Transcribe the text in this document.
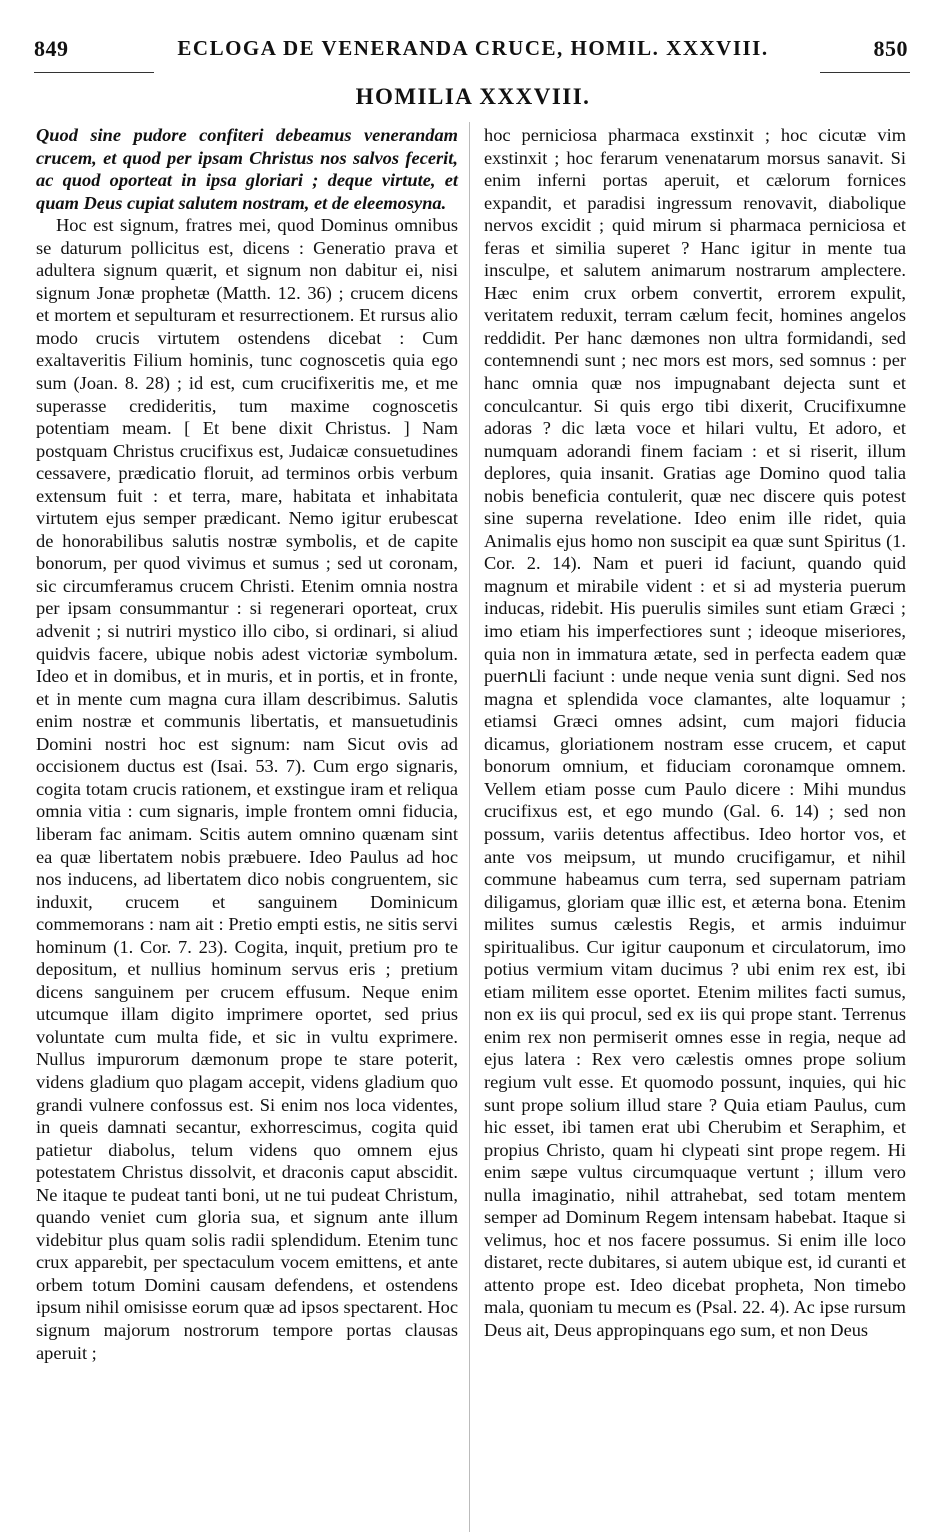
849	ECLOGA DE VENERANDA CRUCE, HOMIL. XXXVIII.	850
HOMILIA XXXVIII.

Quod sine pudore confiteri debeamus venerandam crucem, et quod per ipsam Christus nos salvos fecerit, ac quod oporteat in ipsa gloriari ; deque virtute, et quam Deus cupiat salutem nostram, et de eleemosyna.

Hoc est signum, fratres mei, quod Dominus omnibus se daturum pollicitus est, dicens : Generatio prava et adultera signum quærit, et signum non dabitur ei, nisi signum Jonæ prophetæ (Matth. 12. 36) ; crucem dicens et mortem et sepulturam et resurrectionem. Et rursus alio modo crucis virtutem ostendens dicebat : Cum exaltaveritis Filium hominis, tunc cognoscetis quia ego sum (Joan. 8. 28) ; id est, cum crucifixeritis me, et me superasse credideritis, tum maxime cognoscetis potentiam meam. [ Et bene dixit Christus. ] Nam postquam Christus crucifixus est, Judaicæ consuetudines cessavere, prædicatio floruit, ad terminos orbis verbum extensum fuit : et terra, mare, habitata et inhabitata virtutem ejus semper prædicant. Nemo igitur erubescat de honorabilibus salutis nostræ symbolis, et de capite bonorum, per quod vivimus et sumus ; sed ut coronam, sic circumferamus crucem Christi. Etenim omnia nostra per ipsam consummantur : si regenerari oporteat, crux advenit ; si nutriri mystico illo cibo, si ordinari, si aliud quidvis facere, ubique nobis adest victoriæ symbolum. Ideo et in domibus, et in muris, et in portis, et in fronte, et in mente cum magna cura illam describimus. Salutis enim nostræ et communis libertatis, et mansuetudinis Domini nostri hoc est signum: nam Sicut ovis ad occisionem ductus est (Isai. 53. 7). Cum ergo signaris, cogita totam crucis rationem, et exstingue iram et reliqua omnia vitia : cum signaris, imple frontem omni fiducia, liberam fac animam. Scitis autem omnino quænam sint ea quæ libertatem nobis præbuere. Ideo Paulus ad hoc nos inducens, ad libertatem dico nobis congruentem, sic induxit, crucem et sanguinem Dominicum commemorans : nam ait : Pretio empti estis, ne sitis servi hominum (1. Cor. 7. 23). Cogita, inquit, pretium pro te depositum, et nullius hominum servus eris ; pretium dicens sanguinem per crucem effusum. Neque enim utcumque illam digito imprimere oportet, sed prius voluntate cum multa fide, et sic in vultu exprimere. Nullus impurorum dæmonum prope te stare poterit, videns gladium quo plagam accepit, videns gladium quo grandi vulnere confossus est. Si enim nos loca videntes, in queis damnati secantur, exhorrescimus, cogita quid patietur diabolus, telum videns quo omnem ejus potestatem Christus dissolvit, et draconis caput abscidit. Ne itaque te pudeat tanti boni, ut ne tui pudeat Christum, quando veniet cum gloria sua, et signum ante illum videbitur plus quam solis radii splendidum. Etenim tunc crux apparebit, per spectaculum vocem emittens, et ante orbem totum Domini causam defendens, et ostendens ipsum nihil omisisse eorum quæ ad ipsos spectarent. Hoc signum majorum nostrorum tempore portas clausas aperuit ;

hoc perniciosa pharmaca exstinxit ; hoc cicutæ vim exstinxit ; hoc ferarum venenatarum morsus sanavit. Si enim inferni portas aperuit, et cælorum fornices expandit, et paradisi ingressum renovavit, diabolique nervos excidit ; quid mirum si pharmaca perniciosa et feras et similia superet ? Hanc igitur in mente tua insculpe, et salutem animarum nostrarum amplectere. Hæc enim crux orbem convertit, errorem expulit, veritatem reduxit, terram cælum fecit, homines angelos reddidit. Per hanc dæmones non ultra formidandi, sed contemnendi sunt ; nec mors est mors, sed somnus : per hanc omnia quæ nos impugnabant dejecta sunt et conculcantur. Si quis ergo tibi dixerit, Crucifixumne adoras ? dic læta voce et hilari vultu, Et adoro, et numquam adorandi finem faciam : et si riserit, illum deplores, quia insanit. Gratias age Domino quod talia nobis beneficia contulerit, quæ nec discere quis potest sine superna revelatione. Ideo enim ille ridet, quia Animalis ejus homo non suscipit ea quæ sunt Spiritus (1. Cor. 2. 14). Nam et pueri id faciunt, quando quid magnum et mirabile vident : et si ad mysteria puerum inducas, ridebit. His puerulis similes sunt etiam Græci ; imo etiam his imperfectiores sunt ; ideoque miseriores, quia non in immatura ætate, sed in perfecta eadem quæ puerուli faciunt : unde neque venia sunt digni. Sed nos magna et splendida voce clamantes, alte loquamur ; etiamsi Græci omnes adsint, cum majori fiducia dicamus, gloriationem nostram esse crucem, et caput bonorum omnium, et fiduciam coronamque omnem. Vellem etiam posse cum Paulo dicere : Mihi mundus crucifixus est, et ego mundo (Gal. 6. 14) ; sed non possum, variis detentus affectibus. Ideo hortor vos, et ante vos meipsum, ut mundo crucifigamur, et nihil commune habeamus cum terra, sed supernam patriam diligamus, gloriam quæ illic est, et æterna bona. Etenim milites sumus cælestis Regis, et armis induimur spiritualibus. Cur igitur cauponum et circulatorum, imo potius vermium vitam ducimus ? ubi enim rex est, ibi etiam militem esse oportet. Etenim milites facti sumus, non ex iis qui procul, sed ex iis qui prope stant. Terrenus enim rex non permiserit omnes esse in regia, neque ad ejus latera : Rex vero cælestis omnes prope solium regium vult esse. Et quomodo possunt, inquies, qui hic sunt prope solium illud stare ? Quia etiam Paulus, cum hic esset, ibi tamen erat ubi Cherubim et Seraphim, et propius Christo, quam hi clypeati sint prope regem. Hi enim sæpe vultus circumquaque vertunt ; illum vero nulla imaginatio, nihil attrahebat, sed totam mentem semper ad Dominum Regem intensam habebat. Itaque si velimus, hoc et nos facere possumus. Si enim ille loco distaret, recte dubitares, si autem ubique est, id curanti et attento prope est. Ideo dicebat propheta, Non timebo mala, quoniam tu mecum es (Psal. 22. 4). Ac ipse rursum Deus ait, Deus appropinquans ego sum, et non Deus
